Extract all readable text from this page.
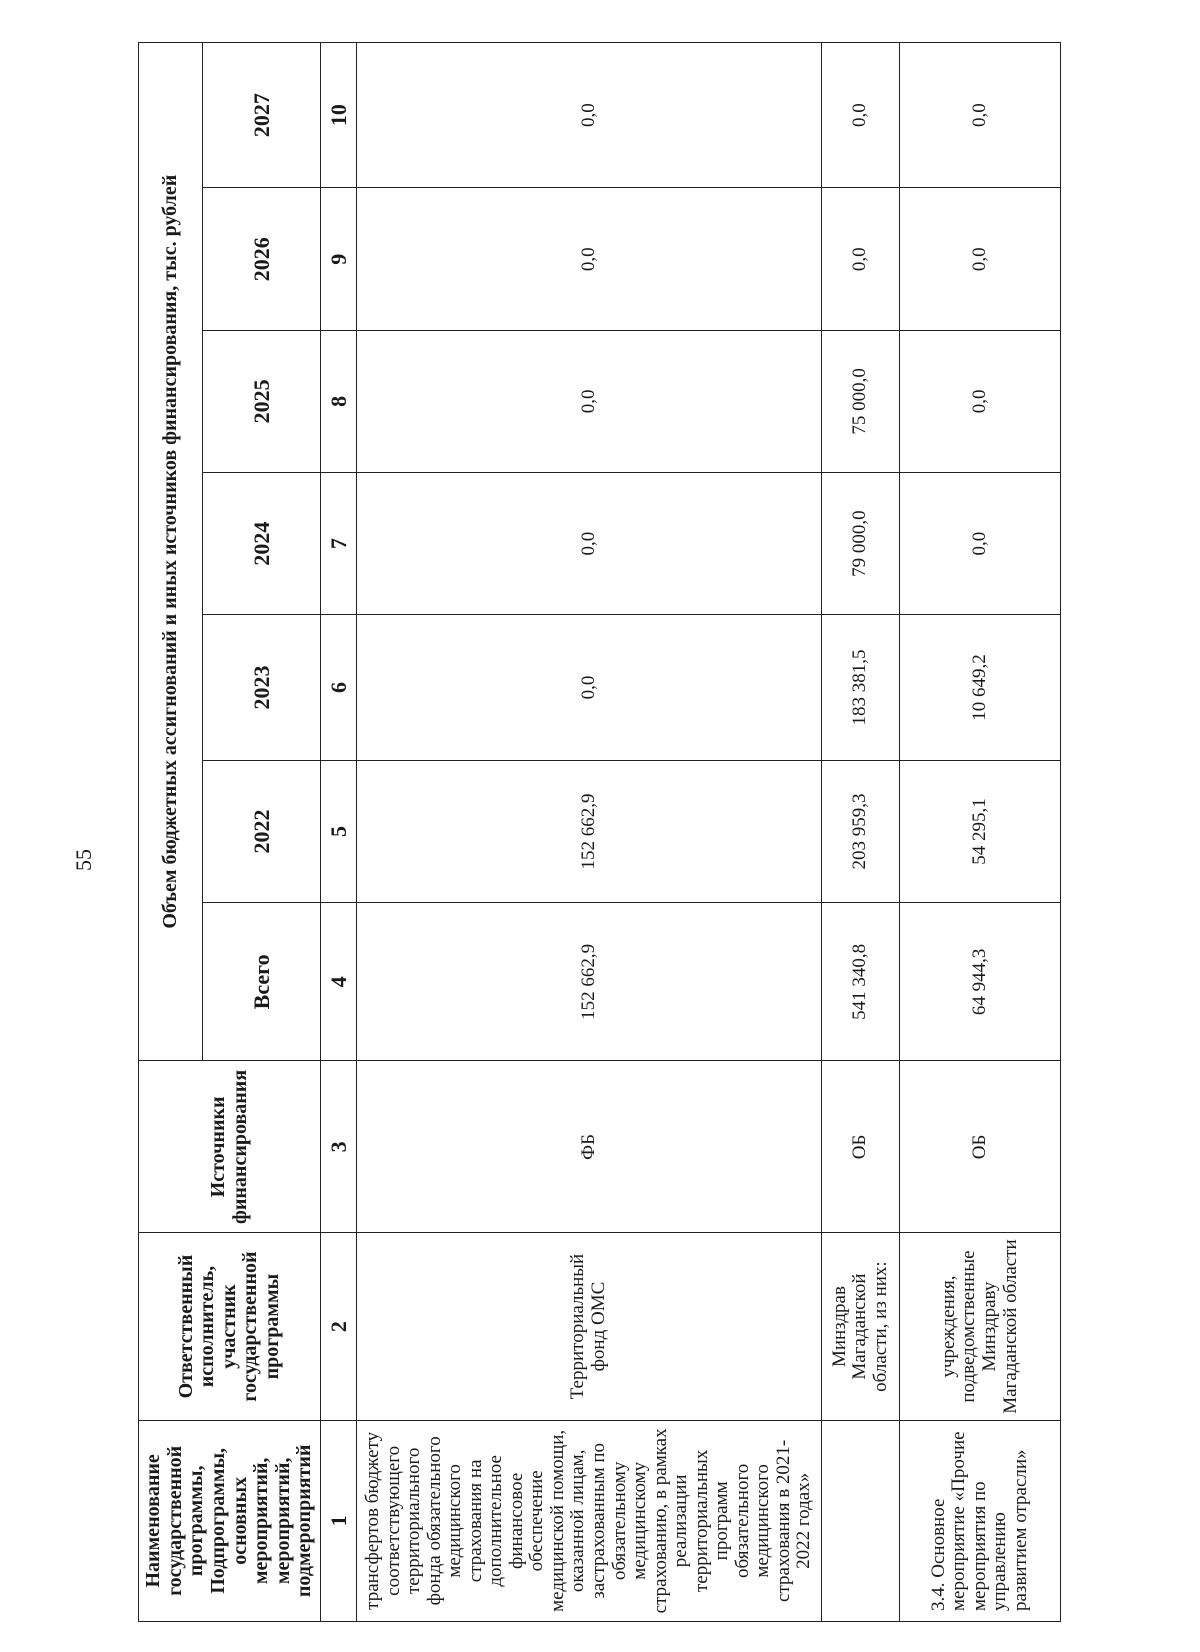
55
Наименование государственной программы, Подпрограммы, основных мероприятий, мероприятий, подмероприятий	Ответственный исполнитель, участник государственной программы	Источники финансирования	Объем бюджетных ассигнований и иных источников финансирования, тыс. рублей						
			Всего	2022	2023	2024	2025	2026	2027
1	2	3	4	5	6	7	8	9	10
трансфертов бюджету соответствующего территориального фонда обязательного медицинского страхования на дополнительное финансовое обеспечение медицинской помощи, оказанной лицам, застрахованным по обязательному медицинскому страхованию, в рамках реализации территориальных программ обязательного медицинского страхования в 2021-2022 годах»	Территориальный фонд ОМС	ФБ	152 662,9	152 662,9	0,0	0,0	0,0	0,0	0,0
	Минздрав Магаданской области, из них:	ОБ	541 340,8	203 959,3	183 381,5	79 000,0	75 000,0	0,0	0,0
3.4. Основное мероприятие «Прочие мероприятия по управлению развитием отрасли»	учреждения, подведомственные Минздраву Магаданской области	ОБ	64 944,3	54 295,1	10 649,2	0,0	0,0	0,0	0,0
